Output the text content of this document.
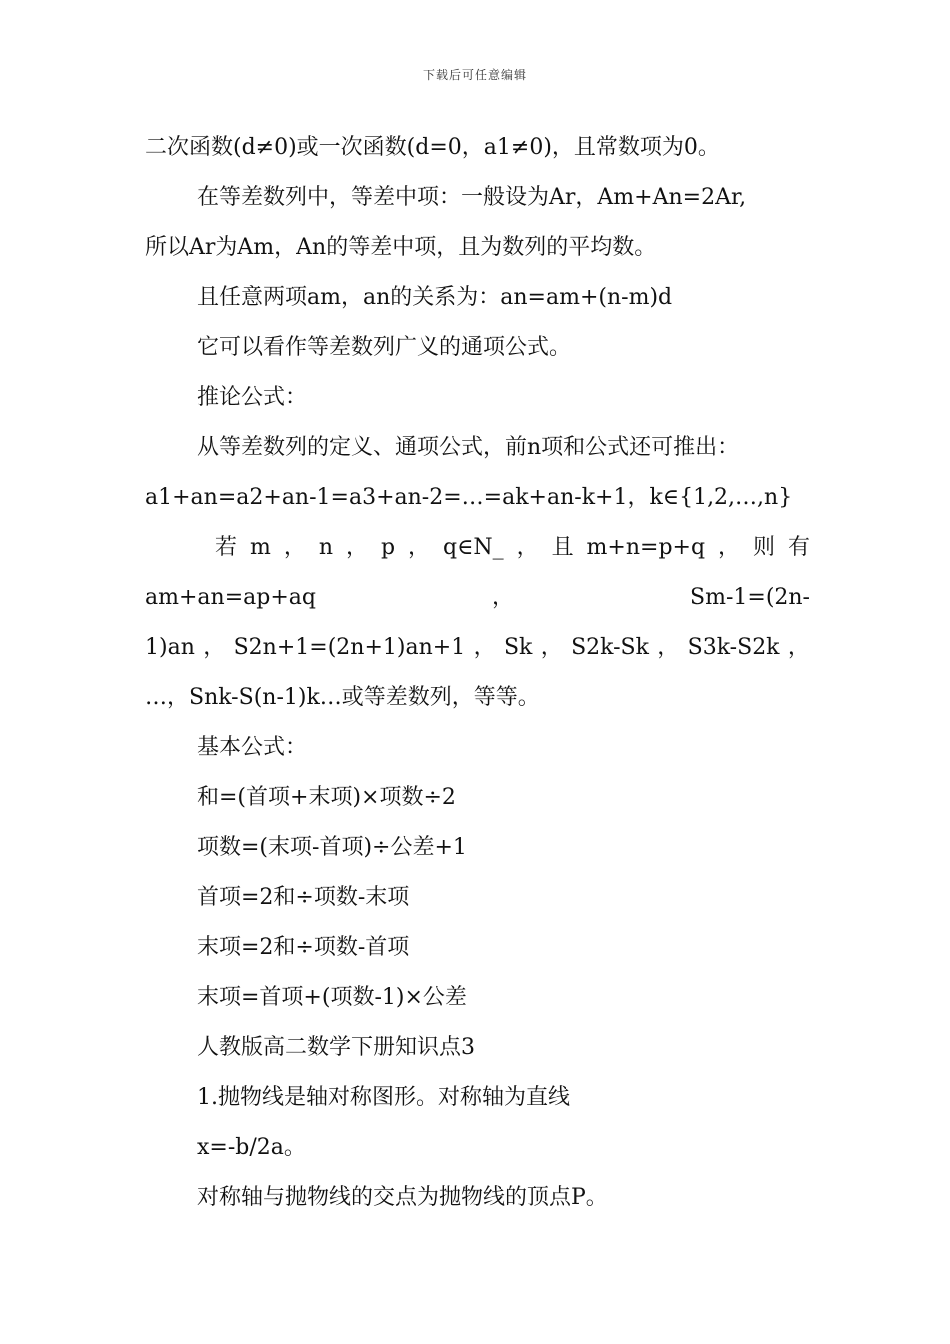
下载后可任意编辑
二次函数(d≠0)或一次函数(d=0，a1≠0)，且常数项为0。
在等差数列中，等差中项：一般设为Ar，Am+An=2Ar,
所以Ar为Am，An的等差中项，且为数列的平均数。
且任意两项am，an的关系为：an=am+(n-m)d
它可以看作等差数列广义的通项公式。
推论公式：
从等差数列的定义、通项公式，前n项和公式还可推出：
a1+an=a2+an-1=a3+an-2=…=ak+an-k+1，k∈{1,2,…,n}
若 m ， n ， p ， q∈N_ ， 且 m+n=p+q ， 则 有
am+an=ap+aq	，	Sm-1=(2n-
1)an ， S2n+1=(2n+1)an+1 ， Sk ， S2k-Sk ， S3k-S2k ，
…，Snk-S(n-1)k…或等差数列，等等。
基本公式：
和=(首项+末项)×项数÷2
项数=(末项-首项)÷公差+1
首项=2和÷项数-末项
末项=2和÷项数-首项
末项=首项+(项数-1)×公差
人教版高二数学下册知识点3
1.抛物线是轴对称图形。对称轴为直线
x=-b/2a。
对称轴与抛物线的交点为抛物线的顶点P。
